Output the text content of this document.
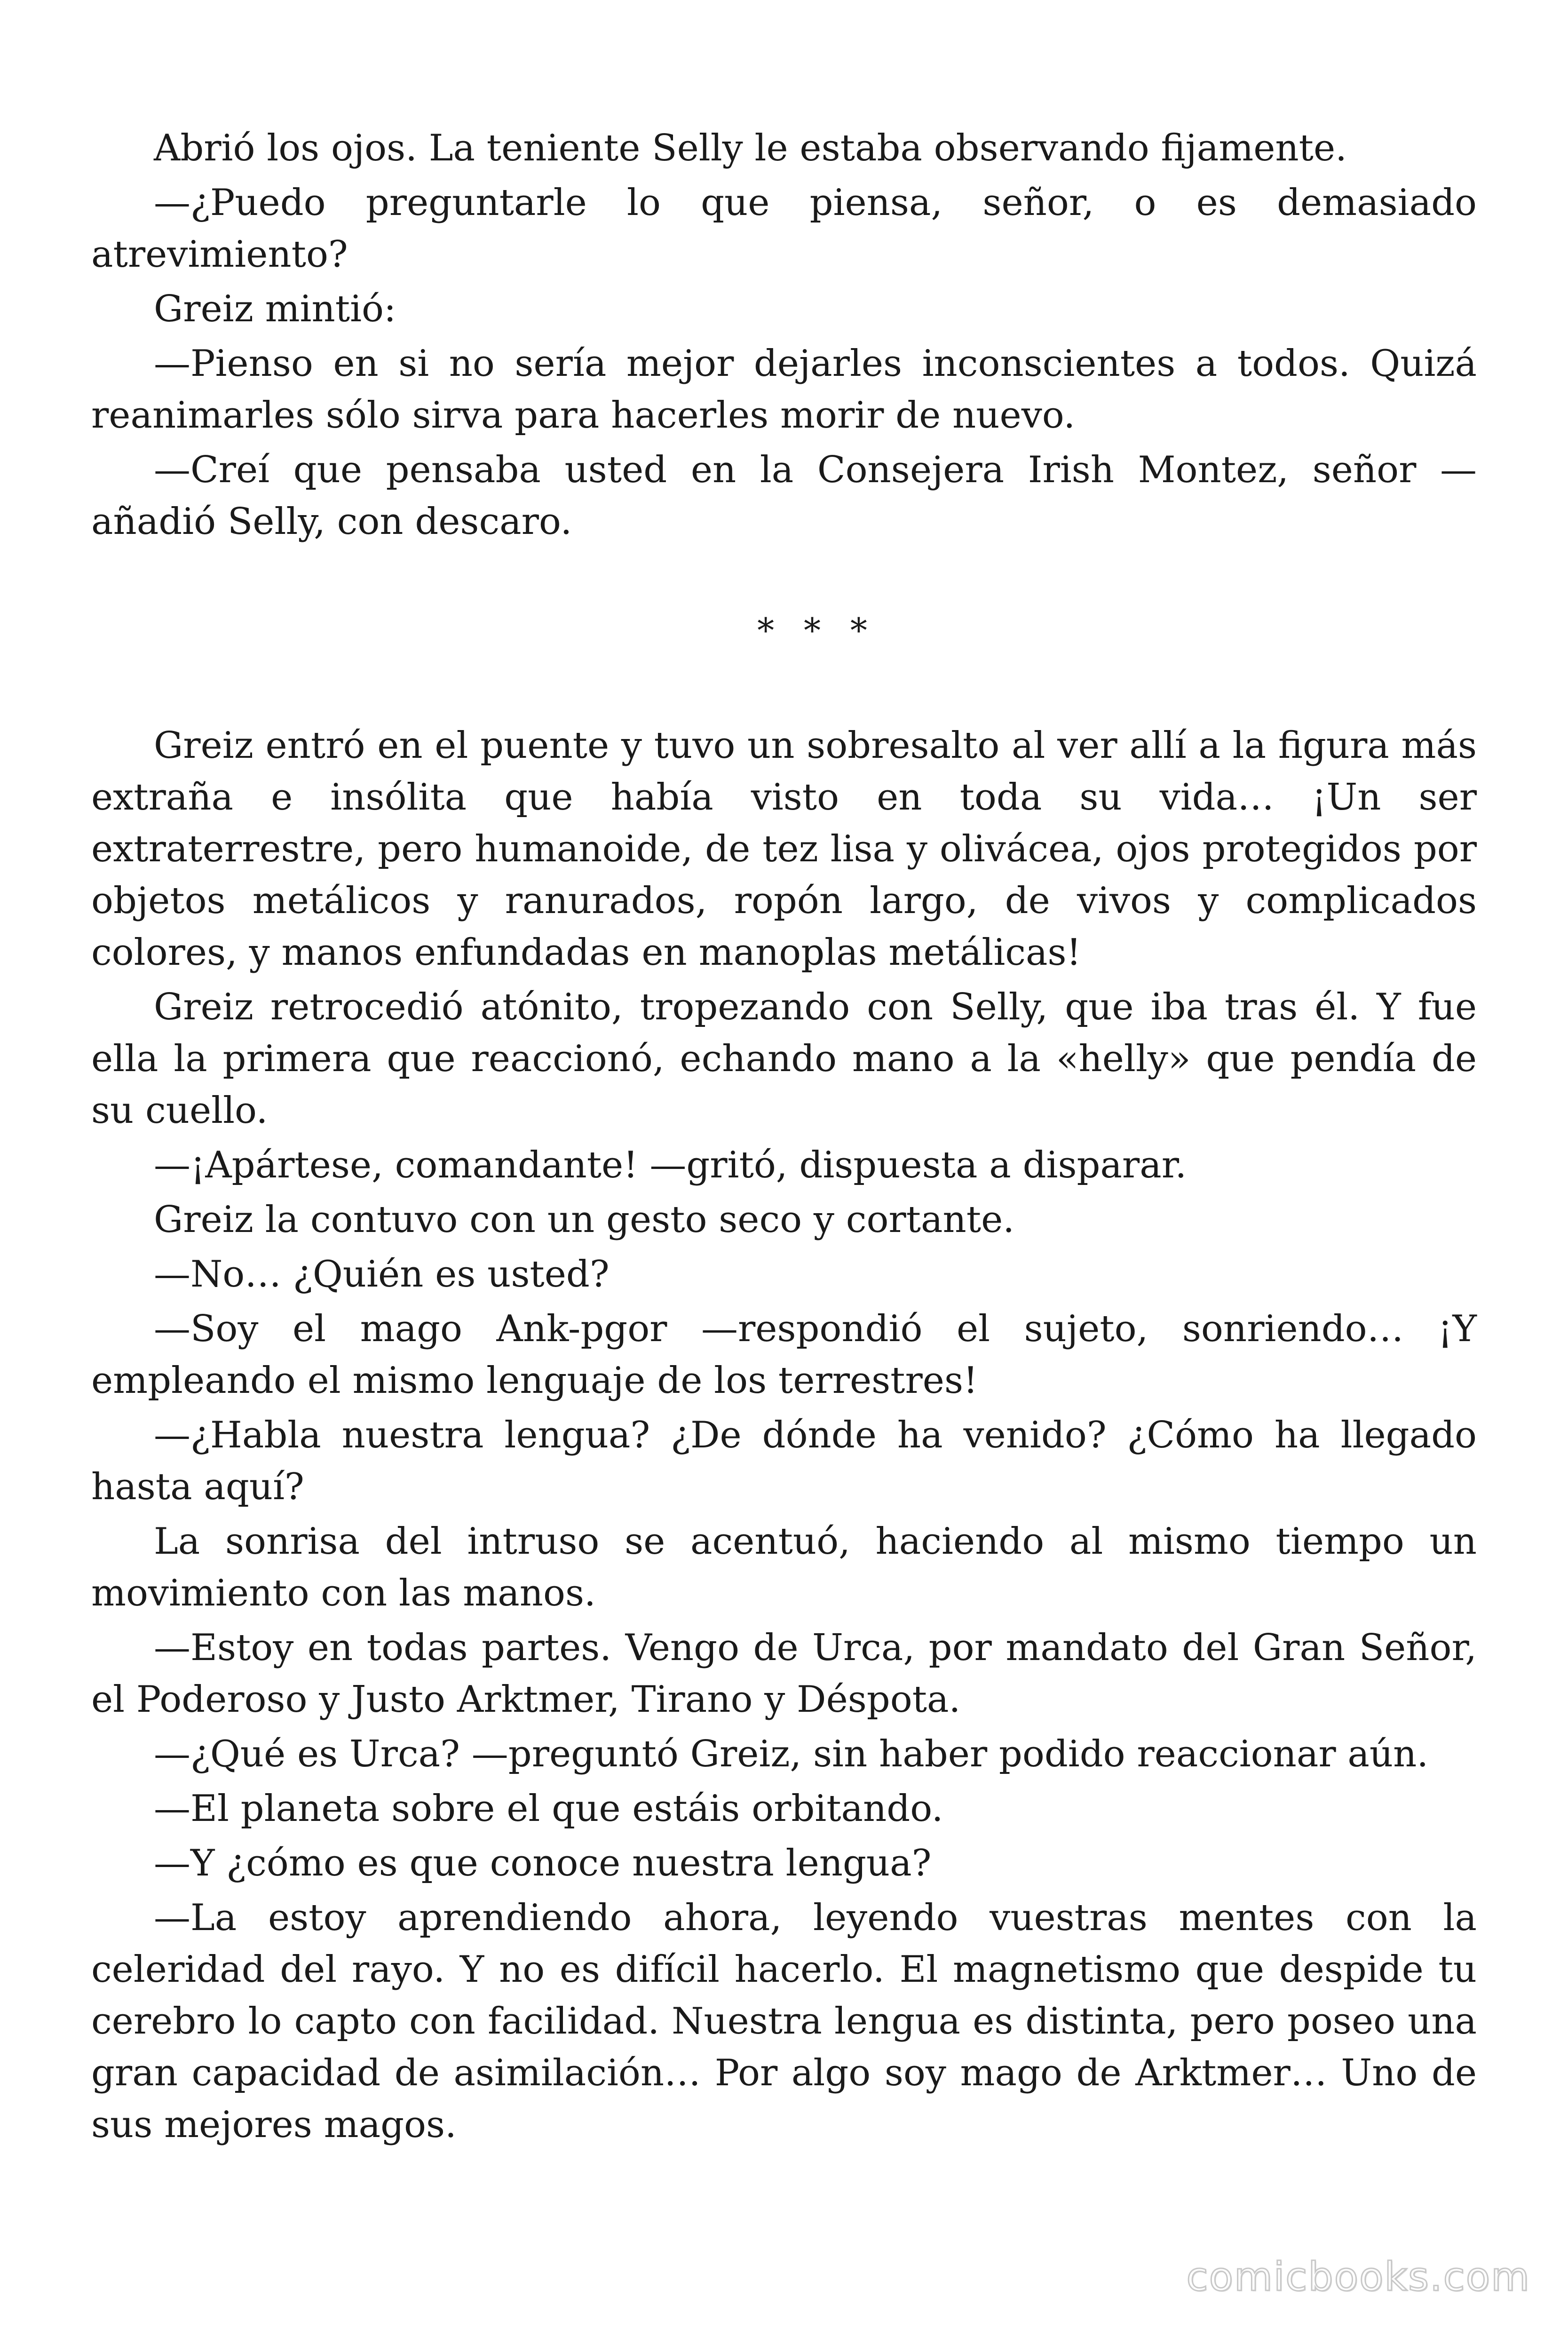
Abrió los ojos. La teniente Selly le estaba observando fijamente.

—¿Puedo preguntarle lo que piensa, señor, o es demasiado atrevimiento?

Greiz mintió:

—Pienso en si no sería mejor dejarles inconscientes a todos. Quizá reanimarles sólo sirva para hacerles morir de nuevo.

—Creí que pensaba usted en la Consejera Irish Montez, señor —añadió Selly, con descaro.

* * *

Greiz entró en el puente y tuvo un sobresalto al ver allí a la figura más extraña e insólita que había visto en toda su vida… ¡Un ser extraterrestre, pero humanoide, de tez lisa y olivácea, ojos protegidos por objetos metálicos y ranurados, ropón largo, de vivos y complicados colores, y manos enfundadas en manoplas metálicas!

Greiz retrocedió atónito, tropezando con Selly, que iba tras él. Y fue ella la primera que reaccionó, echando mano a la «helly» que pendía de su cuello.

—¡Apártese, comandante! —gritó, dispuesta a disparar.

Greiz la contuvo con un gesto seco y cortante.

—No… ¿Quién es usted?

—Soy el mago Ank-pgor —respondió el sujeto, sonriendo… ¡Y empleando el mismo lenguaje de los terrestres!

—¿Habla nuestra lengua? ¿De dónde ha venido? ¿Cómo ha llegado hasta aquí?

La sonrisa del intruso se acentuó, haciendo al mismo tiempo un movimiento con las manos.

—Estoy en todas partes. Vengo de Urca, por mandato del Gran Señor, el Poderoso y Justo Arktmer, Tirano y Déspota.

—¿Qué es Urca? —preguntó Greiz, sin haber podido reaccionar aún.

—El planeta sobre el que estáis orbitando.

—Y ¿cómo es que conoce nuestra lengua?

—La estoy aprendiendo ahora, leyendo vuestras mentes con la celeridad del rayo. Y no es difícil hacerlo. El magnetismo que despide tu cerebro lo capto con facilidad. Nuestra lengua es distinta, pero poseo una gran capacidad de asimilación… Por algo soy mago de Arktmer… Uno de sus mejores magos.

comicbooks.com
